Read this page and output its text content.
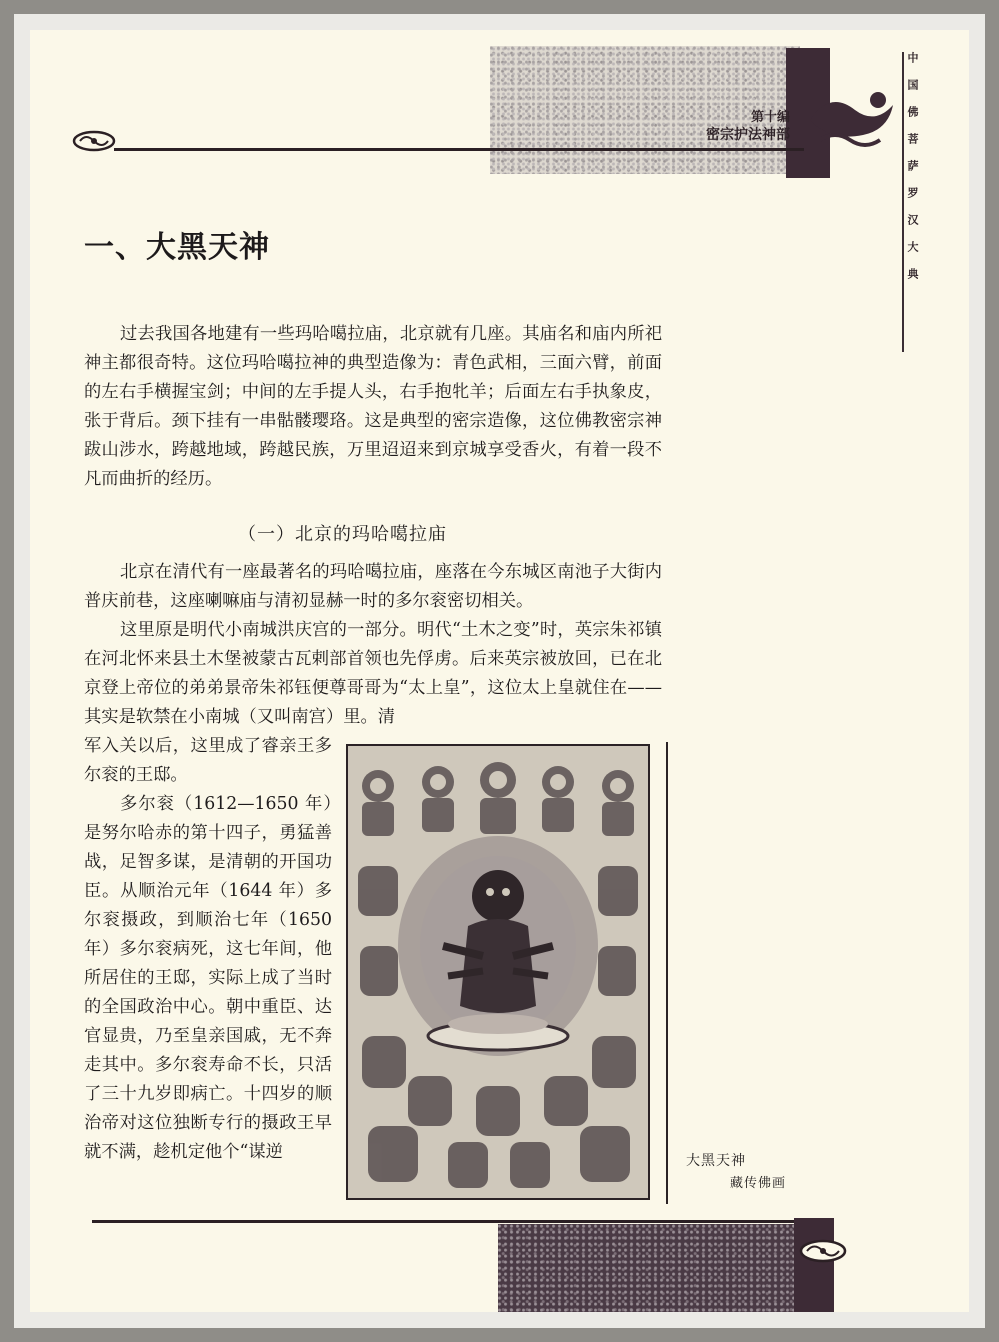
第十编
密宗护法神部	中国佛菩萨罗汉大典
一、大黑天神

过去我国各地建有一些玛哈噶拉庙，北京就有几座。其庙名和庙内所祀神主都很奇特。这位玛哈噶拉神的典型造像为：青色武相，三面六臂，前面的左右手横握宝剑；中间的左手提人头，右手抱牝羊；后面左右手执象皮，张于背后。颈下挂有一串骷髅璎珞。这是典型的密宗造像，这位佛教密宗神跋山涉水，跨越地域，跨越民族，万里迢迢来到京城享受香火，有着一段不凡而曲折的经历。

（一）北京的玛哈噶拉庙

北京在清代有一座最著名的玛哈噶拉庙，座落在今东城区南池子大街内普庆前巷，这座喇嘛庙与清初显赫一时的多尔衮密切相关。

这里原是明代小南城洪庆宫的一部分。明代“土木之变”时，英宗朱祁镇在河北怀来县土木堡被蒙古瓦剌部首领也先俘虏。后来英宗被放回，已在北京登上帝位的弟弟景帝朱祁钰便尊哥哥为“太上皇”，这位太上皇就住在——其实是软禁在小南城（又叫南宫）里。清

军入关以后，这里成了睿亲王多尔衮的王邸。

多尔衮（1612—1650 年）是努尔哈赤的第十四子，勇猛善战，足智多谋，是清朝的开国功臣。从顺治元年（1644 年）多尔衮摄政，到顺治七年（1650 年）多尔衮病死，这七年间，他所居住的王邸，实际上成了当时的全国政治中心。朝中重臣、达官显贵，乃至皇亲国戚，无不奔走其中。多尔衮寿命不长，只活了三十九岁即病亡。十四岁的顺治帝对这位独断专行的摄政王早就不满，趁机定他个“谋逆	大黑天神
藏传佛画
